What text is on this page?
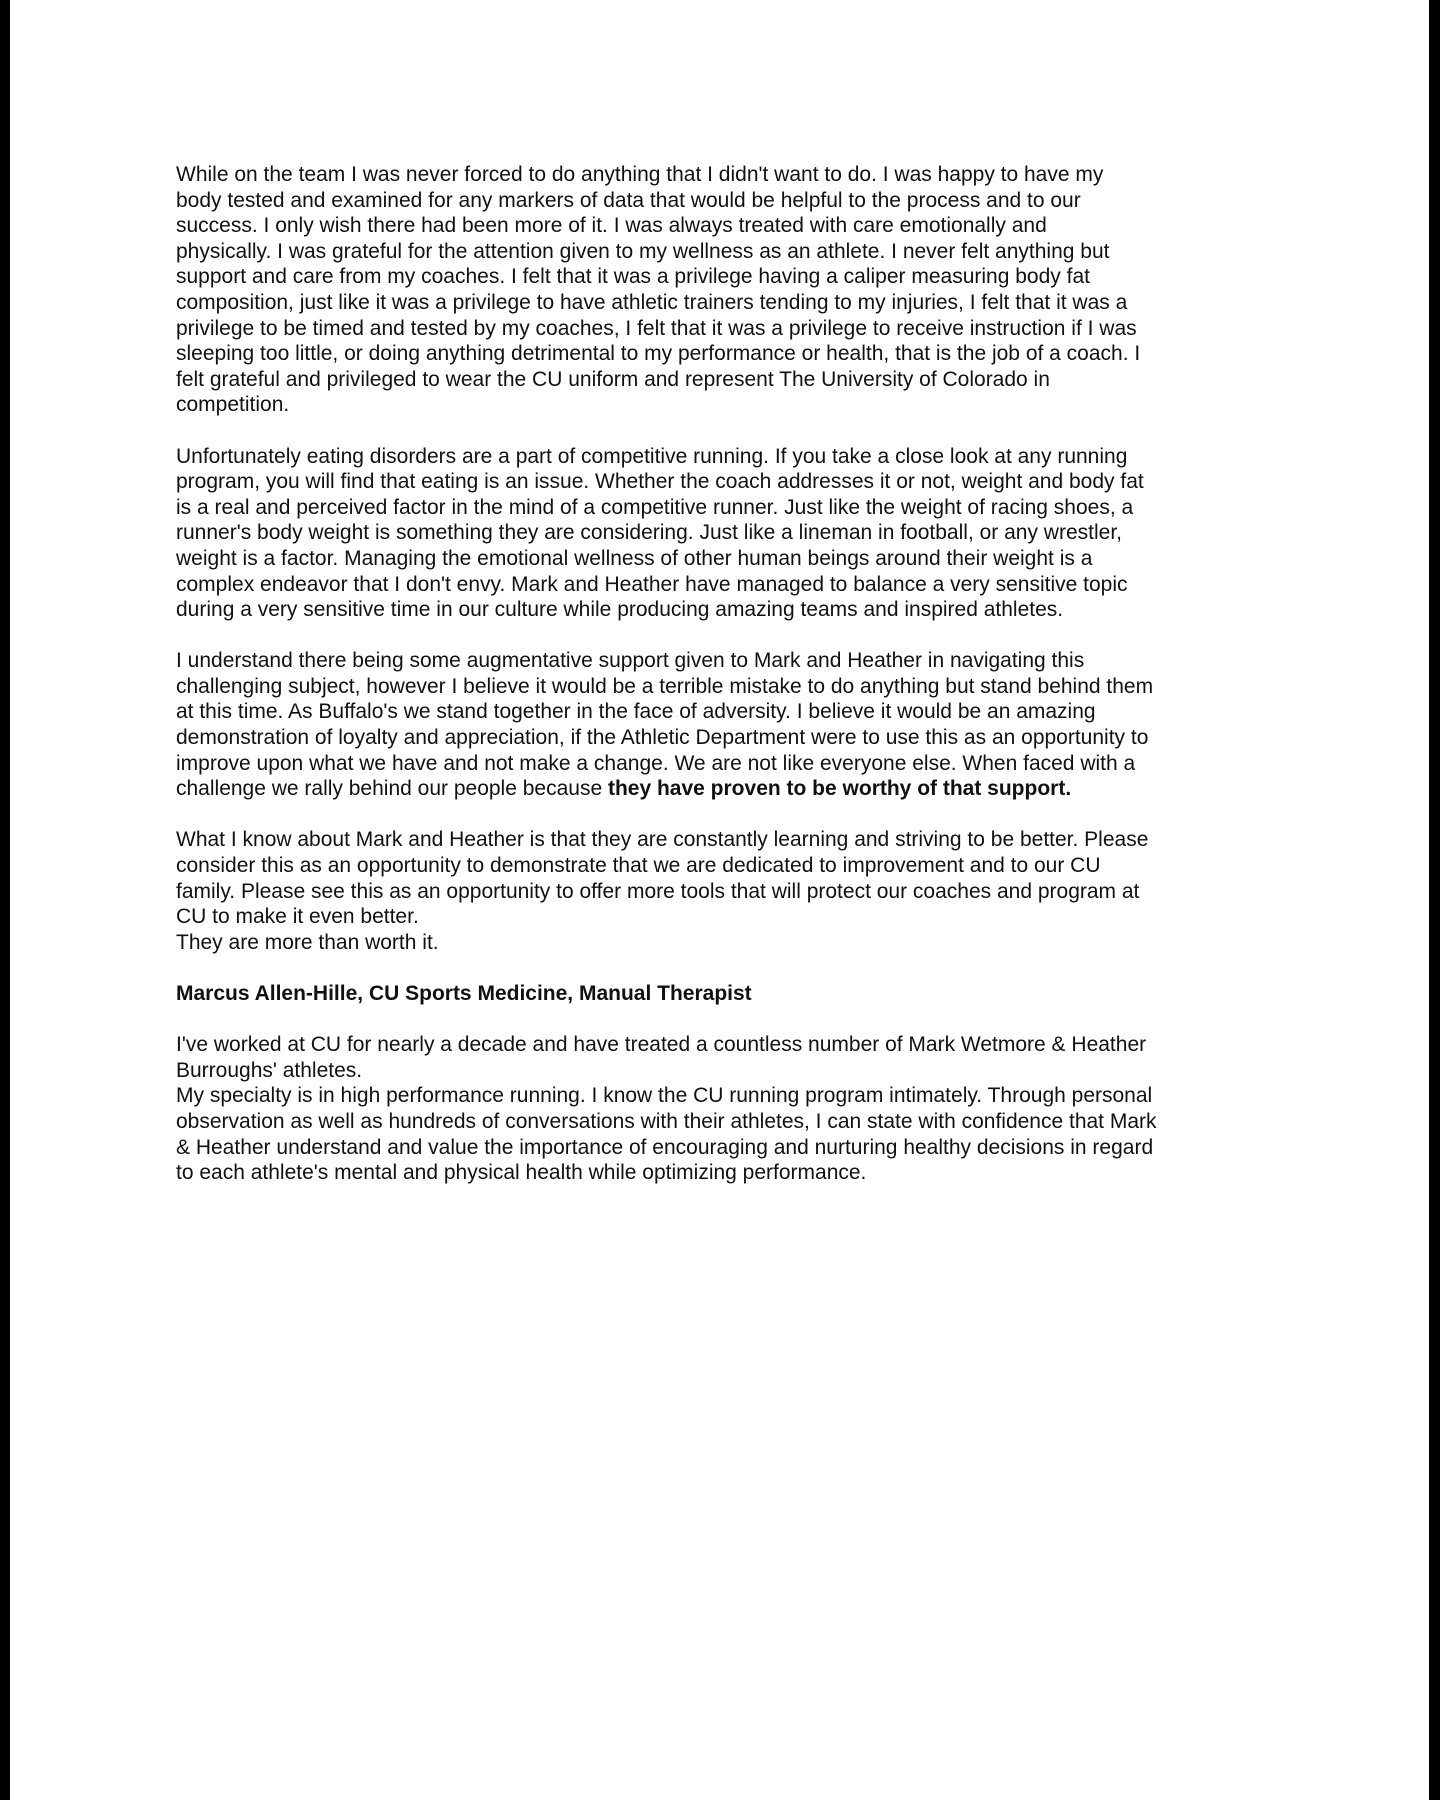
While on the team I was never forced to do anything that I didn't want to do. I was happy to have my
body tested and examined for any markers of data that would be helpful to the process and to our
success. I only wish there had been more of it. I was always treated with care emotionally and
physically. I was grateful for the attention given to my wellness as an athlete. I never felt anything but
support and care from my coaches. I felt that it was a privilege having a caliper measuring body fat
composition, just like it was a privilege to have athletic trainers tending to my injuries, I felt that it was a
privilege to be timed and tested by my coaches, I felt that it was a privilege to receive instruction if I was
sleeping too little, or doing anything detrimental to my performance or health, that is the job of a coach. I
felt grateful and privileged to wear the CU uniform and represent The University of Colorado in
competition.

Unfortunately eating disorders are a part of competitive running. If you take a close look at any running
program, you will find that eating is an issue. Whether the coach addresses it or not, weight and body fat
is a real and perceived factor in the mind of a competitive runner. Just like the weight of racing shoes, a
runner's body weight is something they are considering. Just like a lineman in football, or any wrestler,
weight is a factor. Managing the emotional wellness of other human beings around their weight is a
complex endeavor that I don't envy. Mark and Heather have managed to balance a very sensitive topic
during a very sensitive time in our culture while producing amazing teams and inspired athletes.

I understand there being some augmentative support given to Mark and Heather in navigating this
challenging subject, however I believe it would be a terrible mistake to do anything but stand behind them
at this time. As Buffalo's we stand together in the face of adversity. I believe it would be an amazing
demonstration of loyalty and appreciation, if the Athletic Department were to use this as an opportunity to
improve upon what we have and not make a change. We are not like everyone else. When faced with a
challenge we rally behind our people because they have proven to be worthy of that support.

What I know about Mark and Heather is that they are constantly learning and striving to be better. Please
consider this as an opportunity to demonstrate that we are dedicated to improvement and to our CU
family. Please see this as an opportunity to offer more tools that will protect our coaches and program at
CU to make it even better.
They are more than worth it.

Marcus Allen-Hille, CU Sports Medicine, Manual Therapist

I've worked at CU for nearly a decade and have treated a countless number of Mark Wetmore & Heather
Burroughs' athletes.
My specialty is in high performance running. I know the CU running program intimately. Through personal
observation as well as hundreds of conversations with their athletes, I can state with confidence that Mark
& Heather understand and value the importance of encouraging and nurturing healthy decisions in regard
to each athlete's mental and physical health while optimizing performance.
